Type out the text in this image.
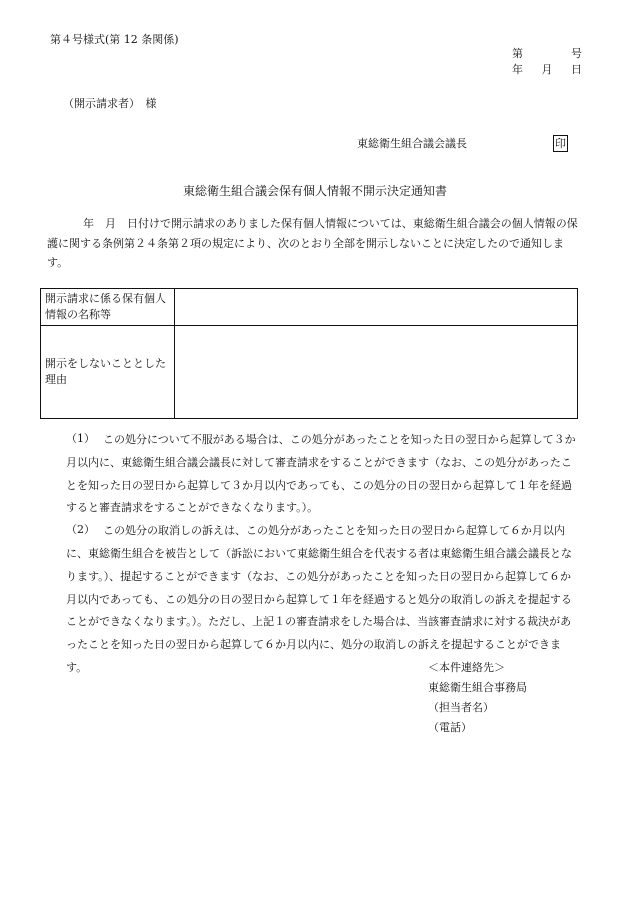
第４号様式(第 12 条関係)
第	号
年 月 日
（開示請求者）　様
東総衛生組合議会議長	印
東総衛生組合議会保有個人情報不開示決定通知書
年　月　日付けで開示請求のありました保有個人情報については、東総衛生組合議会の個人情報の保護に関する条例第２４条第２項の規定により、次のとおり全部を開示しないことに決定したので通知します。
開示請求に係る保有個人情報の名称等	
開示をしないこととした理由	
（1） この処分について不服がある場合は、この処分があったことを知った日の翌日から起算して３か月以内に、東総衛生組合議会議長に対して審査請求をすることができます（なお、この処分があったことを知った日の翌日から起算して３か月以内であっても、この処分の日の翌日から起算して１年を経過すると審査請求をすることができなくなります。）。
（2） この処分の取消しの訴えは、この処分があったことを知った日の翌日から起算して６か月以内に、東総衛生組合を被告として（訴訟において東総衛生組合を代表する者は東総衛生組合議会議長となります。）、提起することができます（なお、この処分があったことを知った日の翌日から起算して６か月以内であっても、この処分の日の翌日から起算して１年を経過すると処分の取消しの訴えを提起することができなくなります。）。ただし、上記１の審査請求をした場合は、当該審査請求に対する裁決があったことを知った日の翌日から起算して６か月以内に、処分の取消しの訴えを提起することができます。	＜本件連絡先＞
東総衛生組合事務局
（担当者名）
（電話）
